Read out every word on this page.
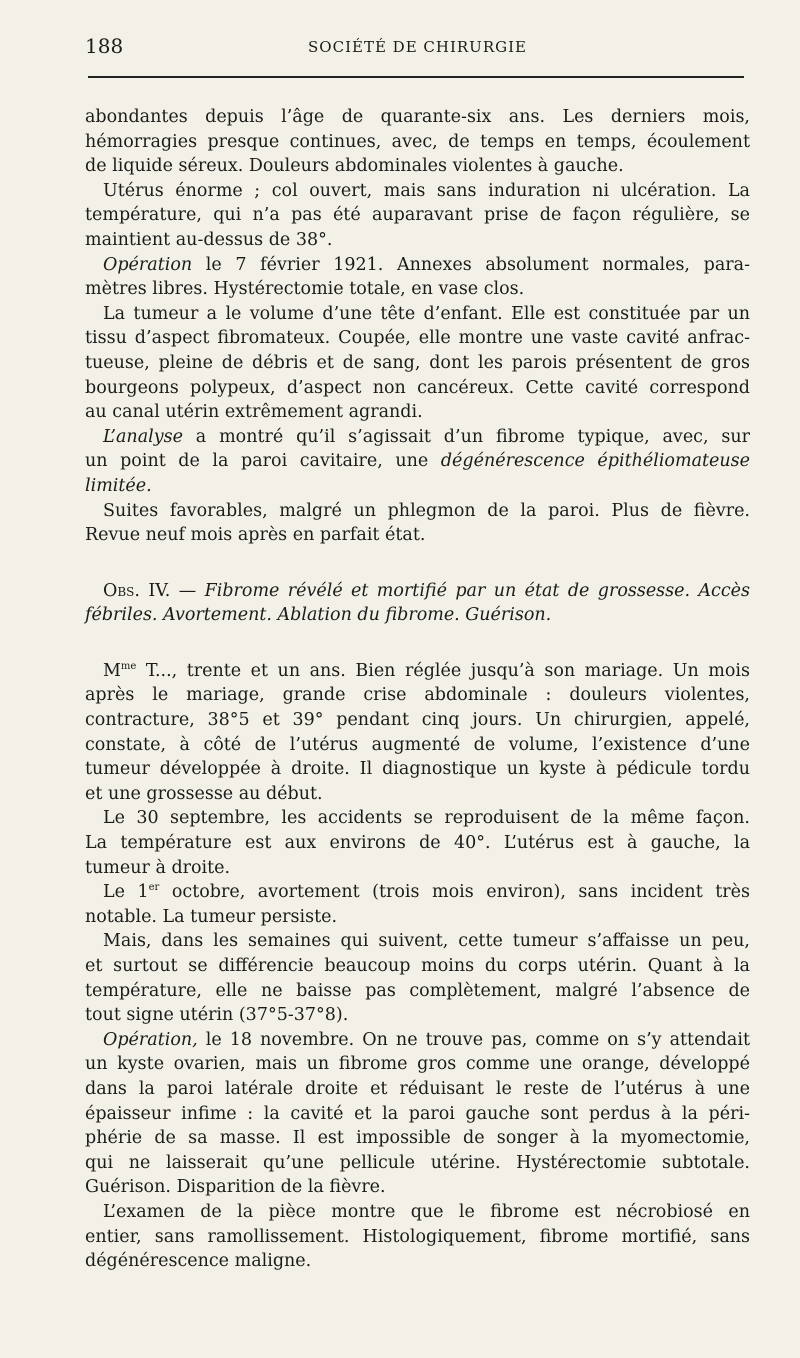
188	SOCIÉTÉ DE CHIRURGIE
abondantes depuis l’âge de quarante-six ans. Les derniers mois,
hémorragies presque continues, avec, de temps en temps, écoulement
de liquide séreux. Douleurs abdominales violentes à gauche.
Utérus énorme ; col ouvert, mais sans induration ni ulcération. La
température, qui n’a pas été auparavant prise de façon régulière, se
maintient au-dessus de 38°.
Opération le 7 février 1921. Annexes absolument normales, para-
mètres libres. Hystérectomie totale, en vase clos.
La tumeur a le volume d’une tête d’enfant. Elle est constituée par un
tissu d’aspect fibromateux. Coupée, elle montre une vaste cavité anfrac-
tueuse, pleine de débris et de sang, dont les parois présentent de gros
bourgeons polypeux, d’aspect non cancéreux. Cette cavité correspond
au canal utérin extrêmement agrandi.
L’analyse a montré qu’il s’agissait d’un fibrome typique, avec, sur
un point de la paroi cavitaire, une dégénérescence épithéliomateuse
limitée.
Suites favorables, malgré un phlegmon de la paroi. Plus de fièvre.
Revue neuf mois après en parfait état.
Obs. IV. — Fibrome révélé et mortifié par un état de grossesse. Accès
fébriles. Avortement. Ablation du fibrome. Guérison.
$M^{me}$ T..., trente et un ans. Bien réglée jusqu’à son mariage. Un mois
après le mariage, grande crise abdominale : douleurs violentes,
contracture, 38°5 et 39° pendant cinq jours. Un chirurgien, appelé,
constate, à côté de l’utérus augmenté de volume, l’existence d’une
tumeur développée à droite. Il diagnostique un kyste à pédicule tordu
et une grossesse au début.
Le 30 septembre, les accidents se reproduisent de la même façon.
La température est aux environs de 40°. L’utérus est à gauche, la
tumeur à droite.
Le 1er octobre, avortement (trois mois environ), sans incident très
notable. La tumeur persiste.
Mais, dans les semaines qui suivent, cette tumeur s’affaisse un peu,
et surtout se différencie beaucoup moins du corps utérin. Quant à la
température, elle ne baisse pas complètement, malgré l’absence de
tout signe utérin (37°5-37°8).
Opération, le 18 novembre. On ne trouve pas, comme on s’y attendait
un kyste ovarien, mais un fibrome gros comme une orange, développé
dans la paroi latérale droite et réduisant le reste de l’utérus à une
épaisseur infime : la cavité et la paroi gauche sont perdus à la péri-
phérie de sa masse. Il est impossible de songer à la myomectomie,
qui ne laisserait qu’une pellicule utérine. Hystérectomie subtotale.
Guérison. Disparition de la fièvre.
L’examen de la pièce montre que le fibrome est nécrobiosé en
entier, sans ramollissement. Histologiquement, fibrome mortifié, sans
dégénérescence maligne.
